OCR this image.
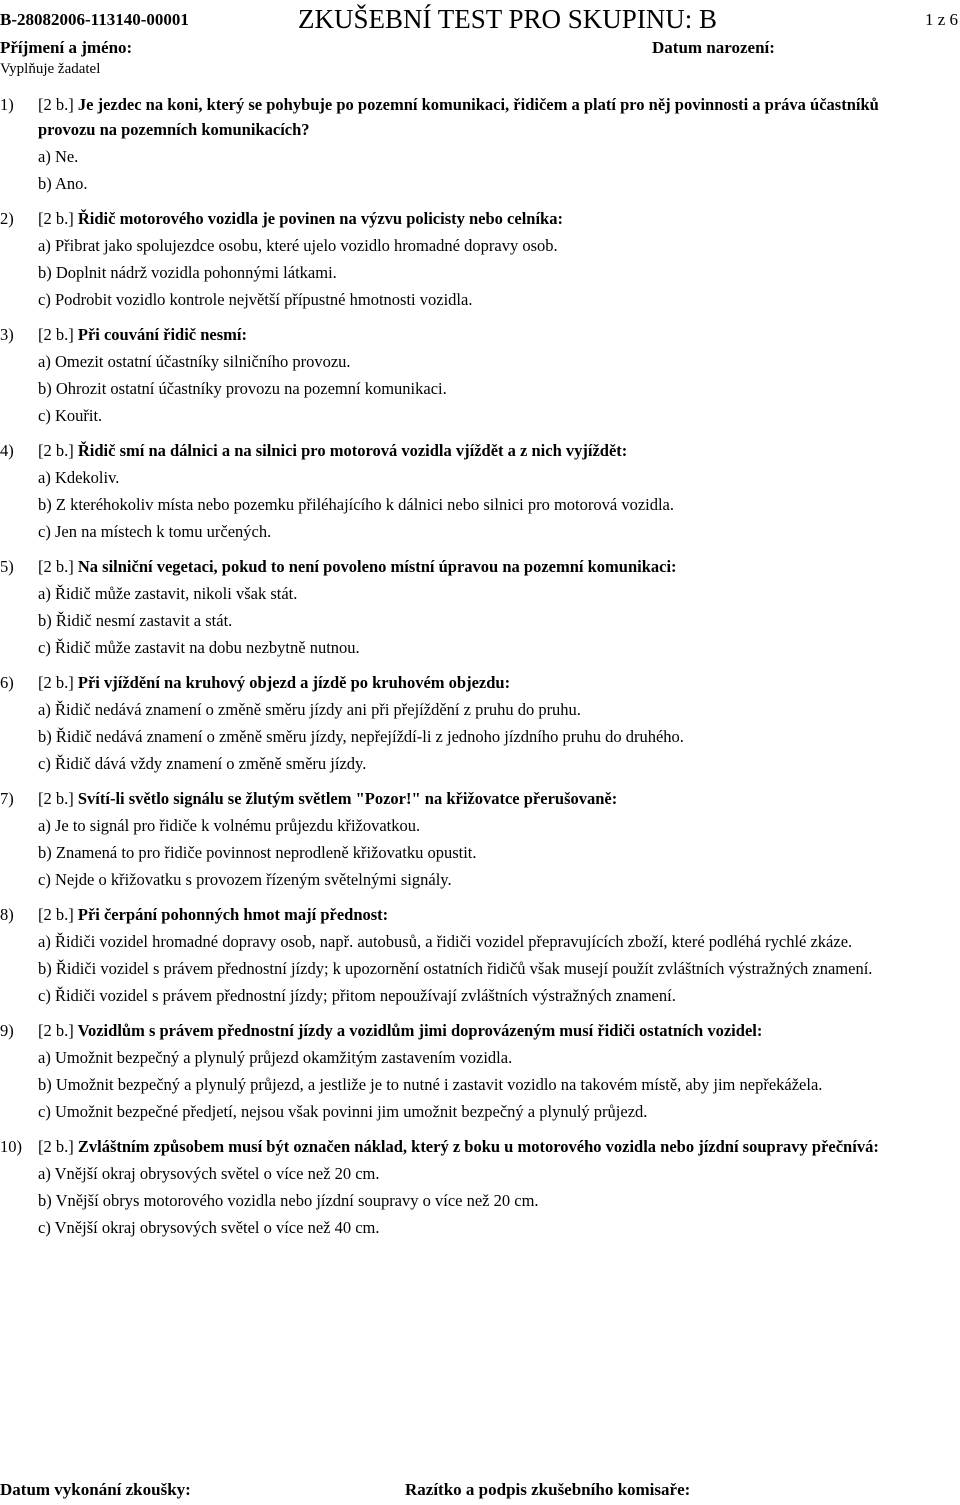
B-28082006-113140-00001	ZKUŠEBNÍ TEST PRO SKUPINU: B	1 z 6
Příjmení a jméno:	Datum narození:
Vyplňuje žadatel
1) [2 b.] Je jezdec na koni, který se pohybuje po pozemní komunikaci, řidičem a platí pro něj povinnosti a práva účastníků provozu na pozemních komunikacích?
a) Ne.
b) Ano.
2) [2 b.] Řidič motorového vozidla je povinen na výzvu policisty nebo celníka:
a) Přibrat jako spolujezdce osobu, které ujelo vozidlo hromadné dopravy osob.
b) Doplnit nádrž vozidla pohonnými látkami.
c) Podrobit vozidlo kontrole největší přípustné hmotnosti vozidla.
3) [2 b.] Při couvání řidič nesmí:
a) Omezit ostatní účastníky silničního provozu.
b) Ohrozit ostatní účastníky provozu na pozemní komunikaci.
c) Kouřit.
4) [2 b.] Řidič smí na dálnici a na silnici pro motorová vozidla vjíždět a z nich vyjíždět:
a) Kdekoliv.
b) Z kteréhokoliv místa nebo pozemku přiléhajícího k dálnici nebo silnici pro motorová vozidla.
c) Jen na místech k tomu určených.
5) [2 b.] Na silniční vegetaci, pokud to není povoleno místní úpravou na pozemní komunikaci:
a) Řidič může zastavit, nikoli však stát.
b) Řidič nesmí zastavit a stát.
c) Řidič může zastavit na dobu nezbytně nutnou.
6) [2 b.] Při vjíždění na kruhový objezd a jízdě po kruhovém objezdu:
a) Řidič nedává znamení o změně směru jízdy ani při přejíždění z pruhu do pruhu.
b) Řidič nedává znamení o změně směru jízdy, nepřejíždí-li z jednoho jízdního pruhu do druhého.
c) Řidič dává vždy znamení o změně směru jízdy.
7) [2 b.] Svítí-li světlo signálu se žlutým světlem "Pozor!" na křižovatce přerušovaně:
a) Je to signál pro řidiče k volnému průjezdu křižovatkou.
b) Znamená to pro řidiče povinnost neprodleně křižovatku opustit.
c) Nejde o křižovatku s provozem řízeným světelnými signály.
8) [2 b.] Při čerpání pohonných hmot mají přednost:
a) Řidiči vozidel hromadné dopravy osob, např. autobusů, a řidiči vozidel přepravujících zboží, které podléhá rychlé zkáze.
b) Řidiči vozidel s právem přednostní jízdy; k upozornění ostatních řidičů však musejí použít zvláštních výstražných znamení.
c) Řidiči vozidel s právem přednostní jízdy; přitom nepoužívají zvláštních výstražných znamení.
9) [2 b.] Vozidlům s právem přednostní jízdy a vozidlům jimi doprovázeným musí řidiči ostatních vozidel:
a) Umožnit bezpečný a plynulý průjezd okamžitým zastavením vozidla.
b) Umožnit bezpečný a plynulý průjezd, a jestliže je to nutné i zastavit vozidlo na takovém místě, aby jim nepřekážela.
c) Umožnit bezpečné předjetí, nejsou však povinni jim umožnit bezpečný a plynulý průjezd.
10) [2 b.] Zvláštním způsobem musí být označen náklad, který z boku u motorového vozidla nebo jízdní soupravy přečnívá:
a) Vnější okraj obrysových světel o více než 20 cm.
b) Vnější obrys motorového vozidla nebo jízdní soupravy o více než 20 cm.
c) Vnější okraj obrysových světel o více než 40 cm.
Datum vykonání zkoušky:	Razítko a podpis zkušebního komisaře:
